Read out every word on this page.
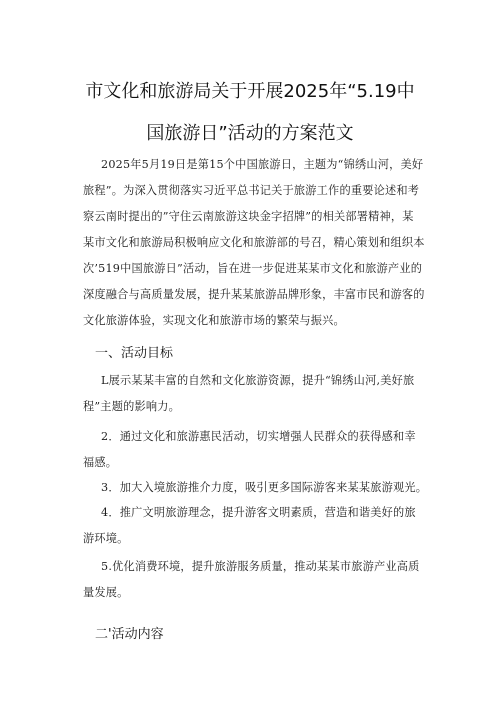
市文化和旅游局关于开展2025年“5.19中
国旅游日”活动的方案范文
2025年5月19日是第15个中国旅游日，主题为“锦绣山河，美好
旅程”。为深入贯彻落实习近平总书记关于旅游工作的重要论述和考
察云南时提出的”守住云南旅游这块金字招牌”的相关部署精神，某
某市文化和旅游局积极响应文化和旅游部的号召，精心策划和组织本
次’519中国旅游日”活动，旨在进一步促进某某市文化和旅游产业的
深度融合与高质量发展，提升某某旅游品牌形象，丰富市民和游客的
文化旅游体验，实现文化和旅游市场的繁荣与振兴。
一、活动目标
L展示某某丰富的自然和文化旅游资源，提升“锦绣山河,美好旅
程”主题的影响力。
2．通过文化和旅游惠民活动，切实增强人民群众的获得感和幸
福感。
3．加大入境旅游推介力度，吸引更多国际游客来某某旅游观光。
4．推广文明旅游理念，提升游客文明素质，营造和谐美好的旅
游环境。
5.优化消费环境，提升旅游服务质量，推动某某市旅游产业高质
量发展。
二'活动内容
